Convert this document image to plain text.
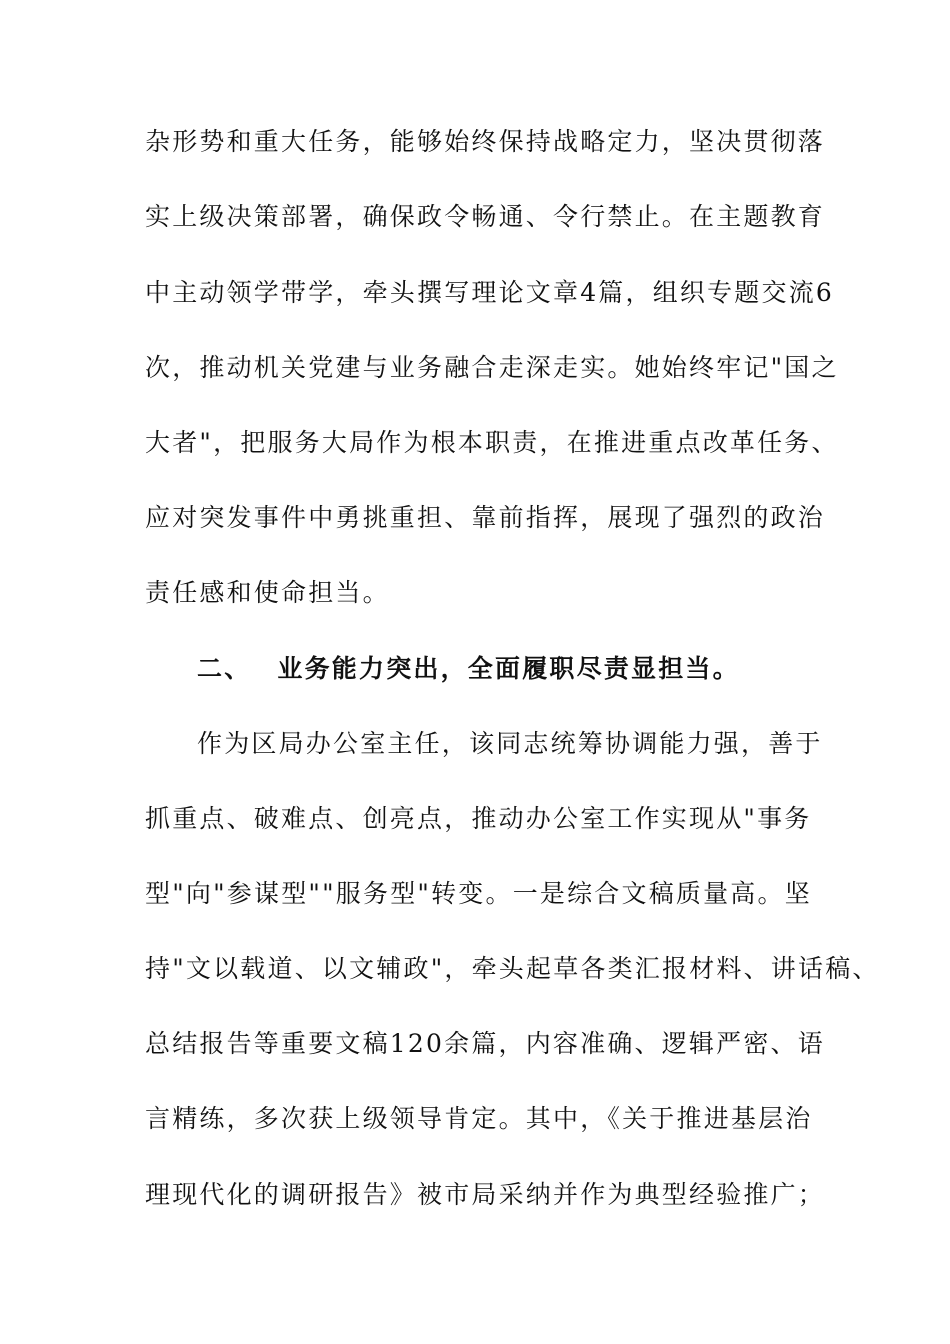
杂形势和重大任务，能够始终保持战略定力，坚决贯彻落
实上级决策部署，确保政令畅通、令行禁止。在主题教育
中主动领学带学，牵头撰写理论文章4篇，组织专题交流6
次，推动机关党建与业务融合走深走实。她始终牢记"国之
大者"，把服务大局作为根本职责，在推进重点改革任务、
应对突发事件中勇挑重担、靠前指挥，展现了强烈的政治
责任感和使命担当。
二、 业务能力突出，全面履职尽责显担当。
作为区局办公室主任，该同志统筹协调能力强，善于
抓重点、破难点、创亮点，推动办公室工作实现从"事务
型"向"参谋型""服务型"转变。一是综合文稿质量高。坚
持"文以载道、以文辅政"，牵头起草各类汇报材料、讲话稿、
总结报告等重要文稿120余篇，内容准确、逻辑严密、语
言精练，多次获上级领导肯定。其中，《关于推进基层治
理现代化的调研报告》被市局采纳并作为典型经验推广；
